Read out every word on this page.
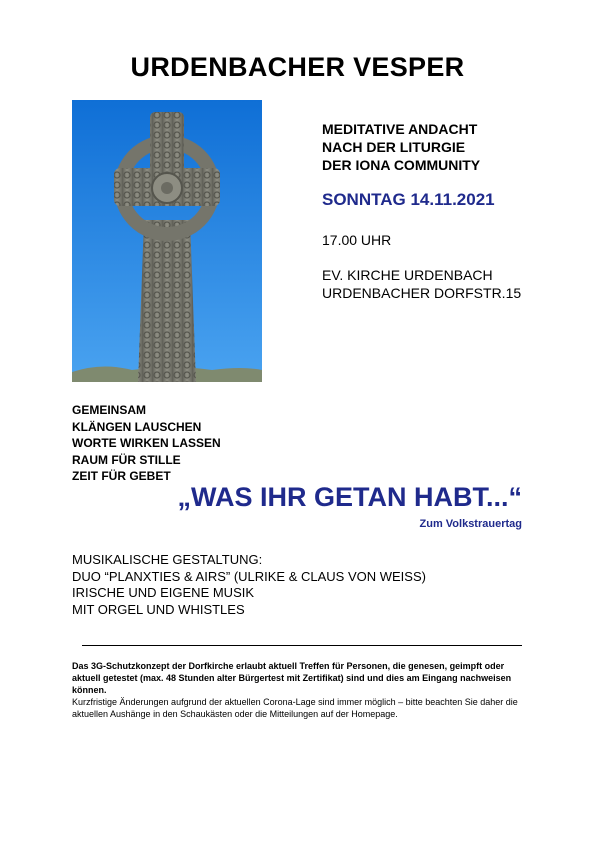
URDENBACHER VESPER
MEDITATIVE ANDACHT
NACH DER LITURGIE
DER IONA COMMUNITY
SONNTAG 14.11.2021
17.00 UHR
EV. KIRCHE URDENBACH
URDENBACHER DORFSTR.15
GEMEINSAM
KLÄNGEN LAUSCHEN
WORTE WIRKEN LASSEN
RAUM FÜR STILLE
ZEIT FÜR GEBET
„WAS IHR GETAN HABT...“
Zum Volkstrauertag
MUSIKALISCHE GESTALTUNG:
DUO “PLANXTIES & AIRS” (ULRIKE & CLAUS VON WEISS)
IRISCHE UND EIGENE MUSIK
MIT ORGEL UND WHISTLES
Das 3G-Schutzkonzept der Dorfkirche erlaubt aktuell Treffen für Personen, die genesen, geimpft oder aktuell getestet (max. 48 Stunden alter Bürgertest mit Zertifikat) sind und dies am Eingang nachweisen können.
Kurzfristige Änderungen aufgrund der aktuellen Corona-Lage sind immer möglich – bitte beachten Sie daher die aktuellen Aushänge in den Schaukästen oder die Mitteilungen auf der Homepage.
